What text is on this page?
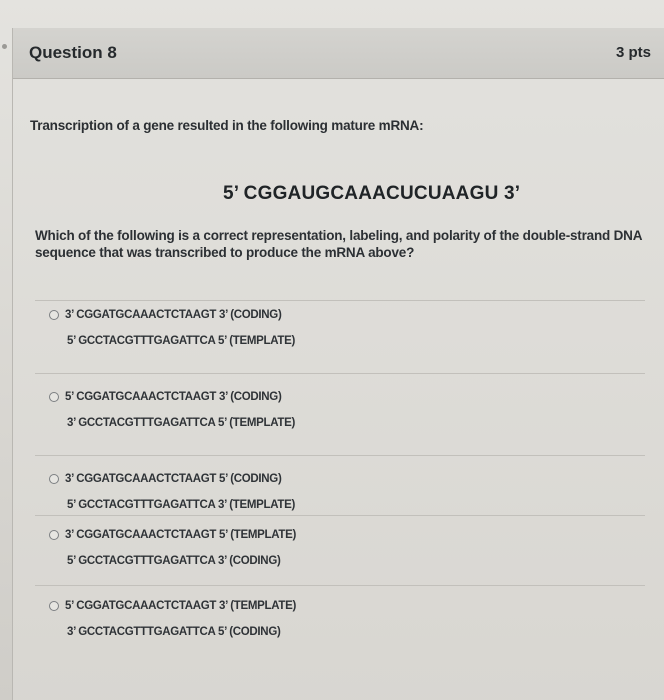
Question 8	3 pts
Transcription of a gene resulted in the following mature mRNA:
5’ CGGAUGCAAACUCUAAGU 3’
Which of the following is a correct representation, labeling, and polarity of the double-strand DNA sequence that was transcribed to produce the mRNA above?
3’ CGGATGCAAACTCTAAGT 3’ (CODING)
5’ GCCTACGTTTGAGATTCA 5’ (TEMPLATE)
5’ CGGATGCAAACTCTAAGT 3’ (CODING)
3’ GCCTACGTTTGAGATTCA 5’ (TEMPLATE)
3’ CGGATGCAAACTCTAAGT 5’ (CODING)
5’ GCCTACGTTTGAGATTCA 3’ (TEMPLATE)
3’ CGGATGCAAACTCTAAGT 5’ (TEMPLATE)
5’ GCCTACGTTTGAGATTCA 3’ (CODING)
5’ CGGATGCAAACTCTAAGT 3’ (TEMPLATE)
3’ GCCTACGTTTGAGATTCA 5’ (CODING)
